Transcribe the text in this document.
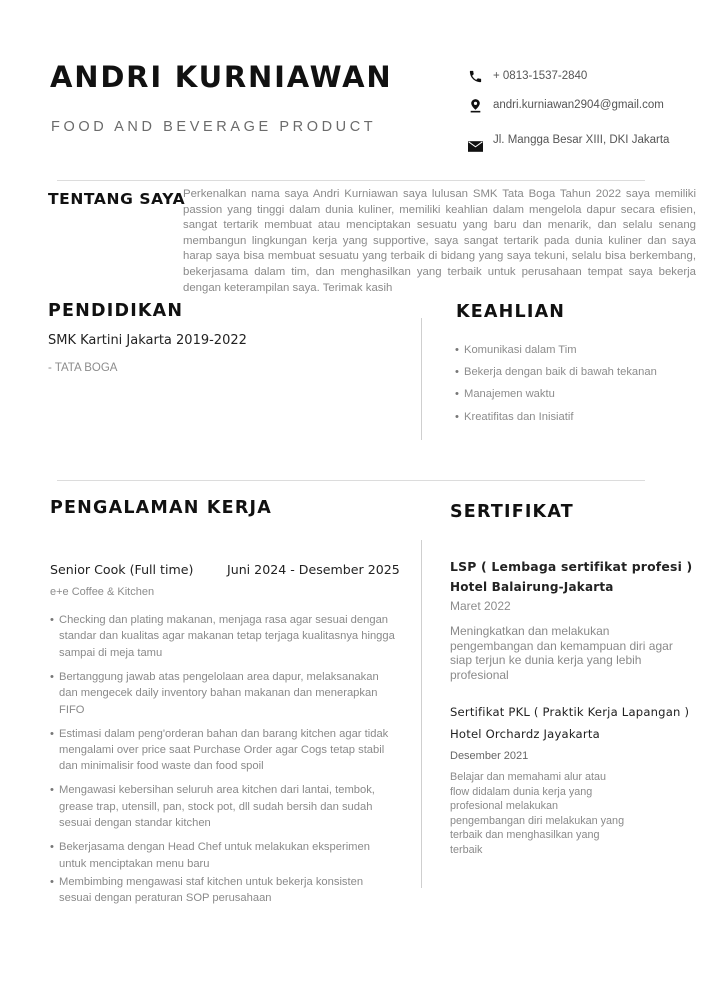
ANDRI KURNIAWAN
FOOD AND BEVERAGE PRODUCT
+ 0813-1537-2840
andri.kurniawan2904@gmail.com
Jl. Mangga Besar XIII, DKI Jakarta
TENTANG SAYA
Perkenalkan nama saya Andri Kurniawan saya lulusan SMK Tata Boga Tahun 2022 saya memiliki passion yang tinggi dalam dunia kuliner, memiliki keahlian dalam mengelola dapur secara efisien, sangat tertarik membuat atau menciptakan sesuatu yang baru dan menarik, dan selalu senang membangun lingkungan kerja yang supportive, saya sangat tertarik pada dunia kuliner dan saya harap saya bisa membuat sesuatu yang terbaik di bidang yang saya tekuni, selalu bisa berkembang, bekerjasama dalam tim, dan menghasilkan yang terbaik untuk perusahaan tempat saya bekerja dengan keterampilan saya. Terimak kasih
PENDIDIKAN
SMK Kartini Jakarta 2019-2022
- TATA BOGA
KEAHLIAN
• Komunikasi dalam Tim
• Bekerja dengan baik di bawah tekanan
• Manajemen waktu
• Kreatifitas dan Inisiatif
PENGALAMAN KERJA
Senior Cook (Full time)	Juni 2024 - Desember 2025
e+e Coffee & Kitchen
• Checking dan plating makanan, menjaga rasa agar sesuai dengan standar dan kualitas agar makanan tetap terjaga kualitasnya hingga sampai di meja tamu
• Bertanggung jawab atas pengelolaan area dapur, melaksanakan dan mengecek daily inventory bahan makanan dan menerapkan FIFO
• Estimasi dalam peng'orderan bahan dan barang kitchen agar tidak mengalami over price saat Purchase Order agar Cogs tetap stabil dan minimalisir food waste dan food spoil
• Mengawasi kebersihan seluruh area kitchen dari lantai, tembok, grease trap, utensill, pan, stock pot, dll sudah bersih dan sudah sesuai dengan standar kitchen
• Bekerjasama dengan Head Chef untuk melakukan eksperimen untuk menciptakan menu baru
• Membimbing mengawasi staf kitchen untuk bekerja konsisten sesuai dengan peraturan SOP perusahaan
SERTIFIKAT
LSP ( Lembaga sertifikat profesi )
Hotel Balairung-Jakarta
Maret 2022
Meningkatkan dan melakukan pengembangan dan kemampuan diri agar siap terjun ke dunia kerja yang lebih profesional
Sertifikat PKL ( Praktik Kerja Lapangan )
Hotel Orchardz Jayakarta
Desember 2021
Belajar dan memahami alur atau flow didalam dunia kerja yang profesional melakukan pengembangan diri melakukan yang terbaik dan menghasilkan yang terbaik
